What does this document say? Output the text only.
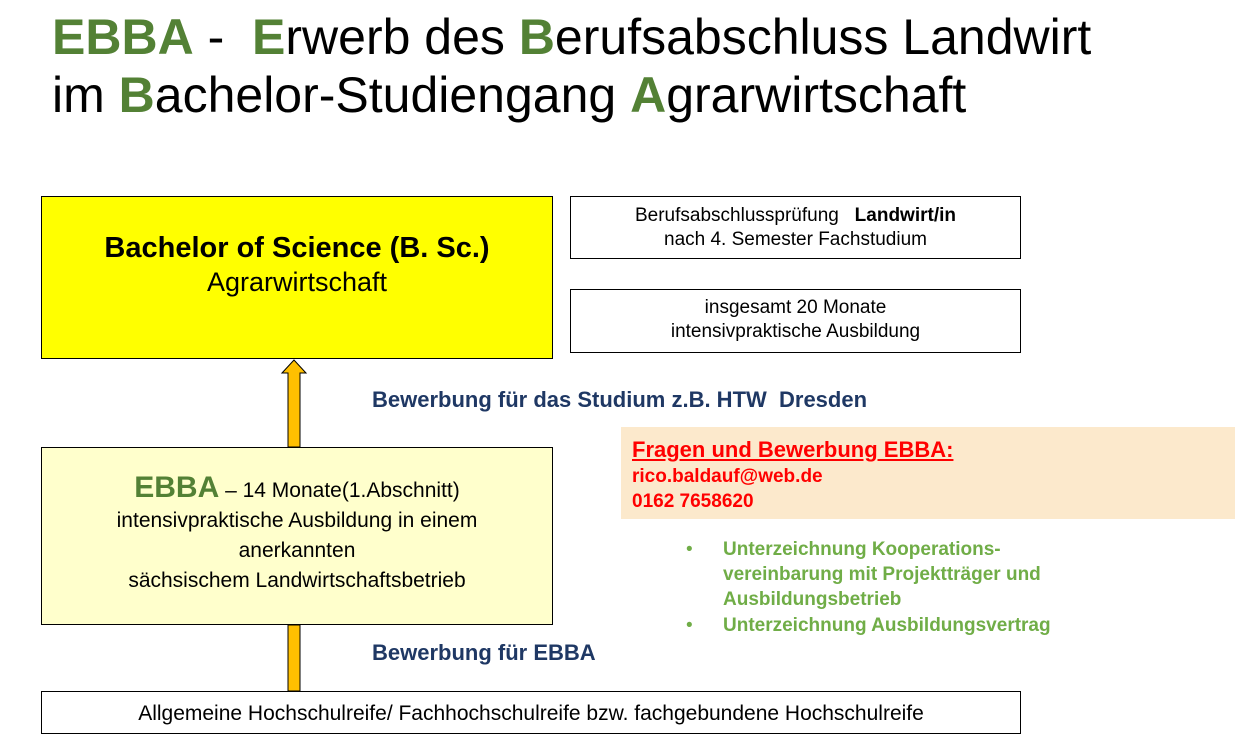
EBBA -  Erwerb des Berufsabschluss Landwirt
im Bachelor-Studiengang Agrarwirtschaft
Bachelor of Science (B. Sc.)
Agrarwirtschaft
Berufsabschlussprüfung   Landwirt/in
nach 4. Semester Fachstudium
insgesamt 20 Monate
intensivpraktische Ausbildung
Bewerbung für das Studium z.B. HTW  Dresden
Fragen und Bewerbung EBBA:
rico.baldauf@web.de
0162 7658620
EBBA – 14 Monate(1.Abschnitt)
intensivpraktische Ausbildung in einem
anerkannten
sächsischem Landwirtschaftsbetrieb
• Unterzeichnung Kooperations-
vereinbarung mit Projektträger und
Ausbildungsbetrieb
• Unterzeichnung Ausbildungsvertrag
Bewerbung für EBBA
Allgemeine Hochschulreife/ Fachhochschulreife bzw. fachgebundene Hochschulreife
